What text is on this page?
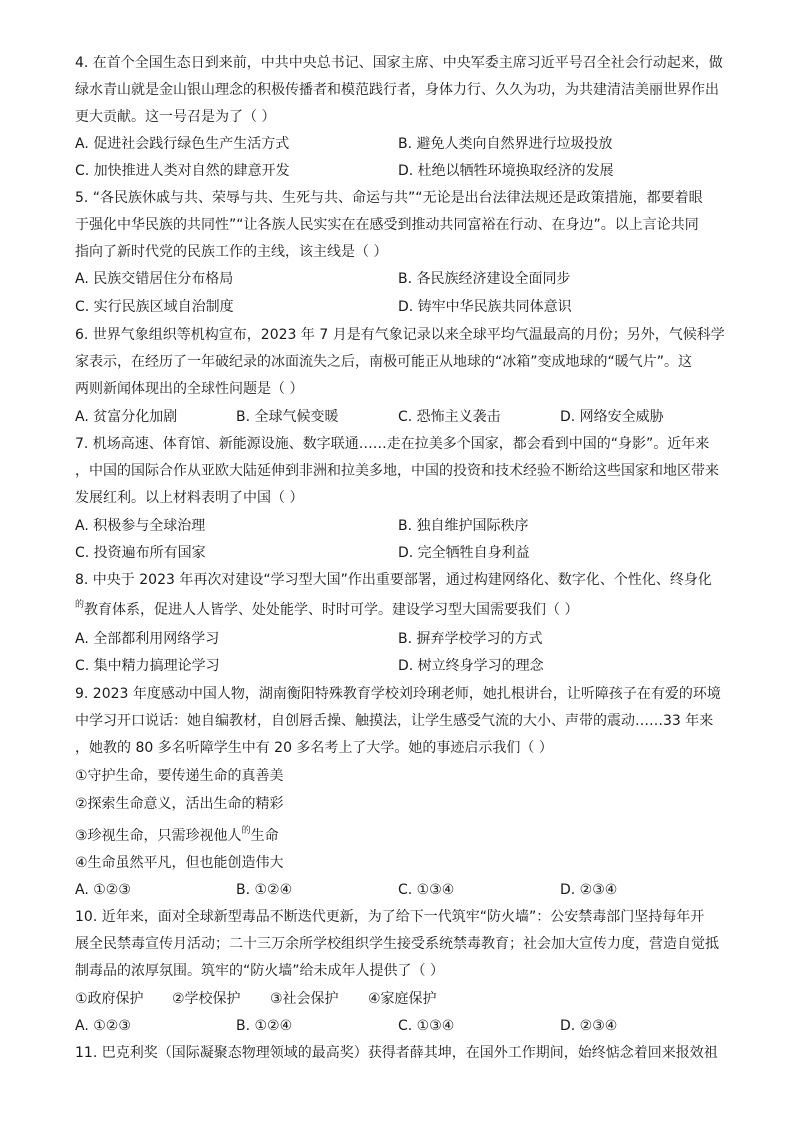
4. 在首个全国生态日到来前，中共中央总书记、国家主席、中央军委主席习近平号召全社会行动起来，做
绿水青山就是金山银山理念的积极传播者和模范践行者，身体力行、久久为功，为共建清洁美丽世界作出
更大贡献。这一号召是为了（ ）
A. 促进社会践行绿色生产生活方式	B. 避免人类向自然界进行垃圾投放
C. 加快推进人类对自然的肆意开发	D. 杜绝以牺牲环境换取经济的发展
5. “各民族休戚与共、荣辱与共、生死与共、命运与共”“无论是出台法律法规还是政策措施，都要着眼
于强化中华民族的共同性”“让各族人民实实在在感受到推动共同富裕在行动、在身边”。以上言论共同
指向了新时代党的民族工作的主线，该主线是（ ）
A. 民族交错居住分布格局	B. 各民族经济建设全面同步
C. 实行民族区域自治制度	D. 铸牢中华民族共同体意识
6. 世界气象组织等机构宣布，2023 年 7 月是有气象记录以来全球平均气温最高的月份；另外，气候科学
家表示，在经历了一年破纪录的冰面流失之后，南极可能正从地球的“冰箱”变成地球的“暖气片”。这
两则新闻体现出的全球性问题是（ ）
A. 贫富分化加剧	B. 全球气候变暖	C. 恐怖主义袭击	D. 网络安全威胁
7. 机场高速、体育馆、新能源设施、数字联通……走在拉美多个国家，都会看到中国的“身影”。近年来
，中国的国际合作从亚欧大陆延伸到非洲和拉美多地，中国的投资和技术经验不断给这些国家和地区带来
发展红利。以上材料表明了中国（ ）
A. 积极参与全球治理	B. 独自维护国际秩序
C. 投资遍布所有国家	D. 完全牺牲自身利益
8. 中央于 2023 年再次对建设“学习型大国”作出重要部署，通过构建网络化、数字化、个性化、终身化
$^的$教育体系，促进人人皆学、处处能学、时时可学。建设学习型大国需要我们（ ）
A. 全部都利用网络学习	B. 摒弃学校学习的方式
C. 集中精力搞理论学习	D. 树立终身学习的理念
9. 2023 年度感动中国人物，湖南衡阳特殊教育学校刘玲琍老师，她扎根讲台，让听障孩子在有爱的环境
中学习开口说话：她自编教材，自创唇舌操、触摸法，让学生感受气流的大小、声带的震动……33 年来
，她教的 80 多名听障学生中有 20 多名考上了大学。她的事迹启示我们（ ）
①守护生命，要传递生命的真善美
②探索生命意义，活出生命的精彩
③珍视生命，只需珍视他人$^的$生命
④生命虽然平凡，但也能创造伟大
A. ①②③	B. ①②④	C. ①③④	D. ②③④
10. 近年来，面对全球新型毒品不断迭代更新，为了给下一代筑牢“防火墙”：公安禁毒部门坚持每年开
展全民禁毒宣传月活动；二十三万余所学校组织学生接受系统禁毒教育；社会加大宣传力度，营造自觉抵
制毒品的浓厚氛围。筑牢的“防火墙”给未成年人提供了（ ）
①政府保护 ②学校保护 ③社会保护 ④家庭保护
A. ①②③	B. ①②④	C. ①③④	D. ②③④
11. 巴克利奖（国际凝聚态物理领域的最高奖）获得者薛其坤，在国外工作期间，始终惦念着回来报效祖
